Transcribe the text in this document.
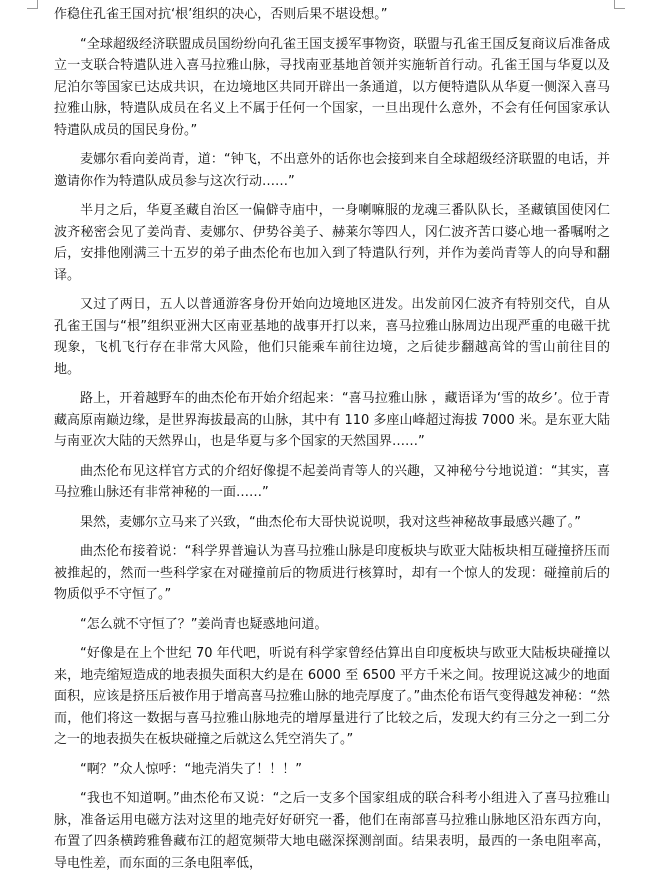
作稳住孔雀王国对抗‘根’组织的决心，否则后果不堪设想。”

“全球超级经济联盟成员国纷纷向孔雀王国支援军事物资，联盟与孔雀王国反复商议后准备成立一支联合特遣队进入喜马拉雅山脉，寻找南亚基地首领并实施斩首行动。孔雀王国与华夏以及尼泊尔等国家已达成共识，在边境地区共同开辟出一条通道，以方便特遣队从华夏一侧深入喜马拉雅山脉，特遣队成员在名义上不属于任何一个国家，一旦出现什么意外，不会有任何国家承认特遣队成员的国民身份。”

麦娜尔看向姜尚青，道：“钟飞，不出意外的话你也会接到来自全球超级经济联盟的电话，并邀请你作为特遣队成员参与这次行动……”

半月之后，华夏圣藏自治区一偏僻寺庙中，一身喇嘛服的龙魂三番队队长，圣藏镇国使冈仁波齐秘密会见了姜尚青、麦娜尔、伊势谷美子、赫莱尔等四人，冈仁波齐苦口婆心地一番嘱咐之后，安排他刚满三十五岁的弟子曲杰伦布也加入到了特遣队行列，并作为姜尚青等人的向导和翻译。

又过了两日，五人以普通游客身份开始向边境地区进发。出发前冈仁波齐有特别交代，自从孔雀王国与“根”组织亚洲大区南亚基地的战事开打以来，喜马拉雅山脉周边出现严重的电磁干扰现象，飞机飞行存在非常大风险，他们只能乘车前往边境，之后徒步翻越高耸的雪山前往目的地。

路上，开着越野车的曲杰伦布开始介绍起来：“喜马拉雅山脉 ，藏语译为‘雪的故乡’。位于青藏高原南巅边缘，是世界海拔最高的山脉，其中有 110 多座山峰超过海拔 7000 米。是东亚大陆与南亚次大陆的天然界山，也是华夏与多个国家的天然国界……”

曲杰伦布见这样官方式的介绍好像提不起姜尚青等人的兴趣，又神秘兮兮地说道：“其实，喜马拉雅山脉还有非常神秘的一面……”

果然，麦娜尔立马来了兴致，“曲杰伦布大哥快说说呗，我对这些神秘故事最感兴趣了。”

曲杰伦布接着说：“科学界普遍认为喜马拉雅山脉是印度板块与欧亚大陆板块相互碰撞挤压而被推起的，然而一些科学家在对碰撞前后的物质进行核算时，却有一个惊人的发现：碰撞前后的物质似乎不守恒了。”

“怎么就不守恒了？”姜尚青也疑惑地问道。

“好像是在上个世纪 70 年代吧，听说有科学家曾经估算出自印度板块与欧亚大陆板块碰撞以来，地壳缩短造成的地表损失面积大约是在 6000 至 6500 平方千米之间。按理说这减少的地面面积，应该是挤压后被作用于增高喜马拉雅山脉的地壳厚度了。”曲杰伦布语气变得越发神秘：“然而，他们将这一数据与喜马拉雅山脉地壳的增厚量进行了比较之后，发现大约有三分之一到二分之一的地表损失在板块碰撞之后就这么凭空消失了。”

“啊？”众人惊呼：“地壳消失了！！！”

“我也不知道啊。”曲杰伦布又说：“之后一支多个国家组成的联合科考小组进入了喜马拉雅山脉，准备运用电磁方法对这里的地壳好好研究一番，他们在南部喜马拉雅山脉地区沿东西方向，布置了四条横跨雅鲁藏布江的超宽频带大地电磁深探测剖面。结果表明，最西的一条电阻率高，导电性差，而东面的三条电阻率低，
